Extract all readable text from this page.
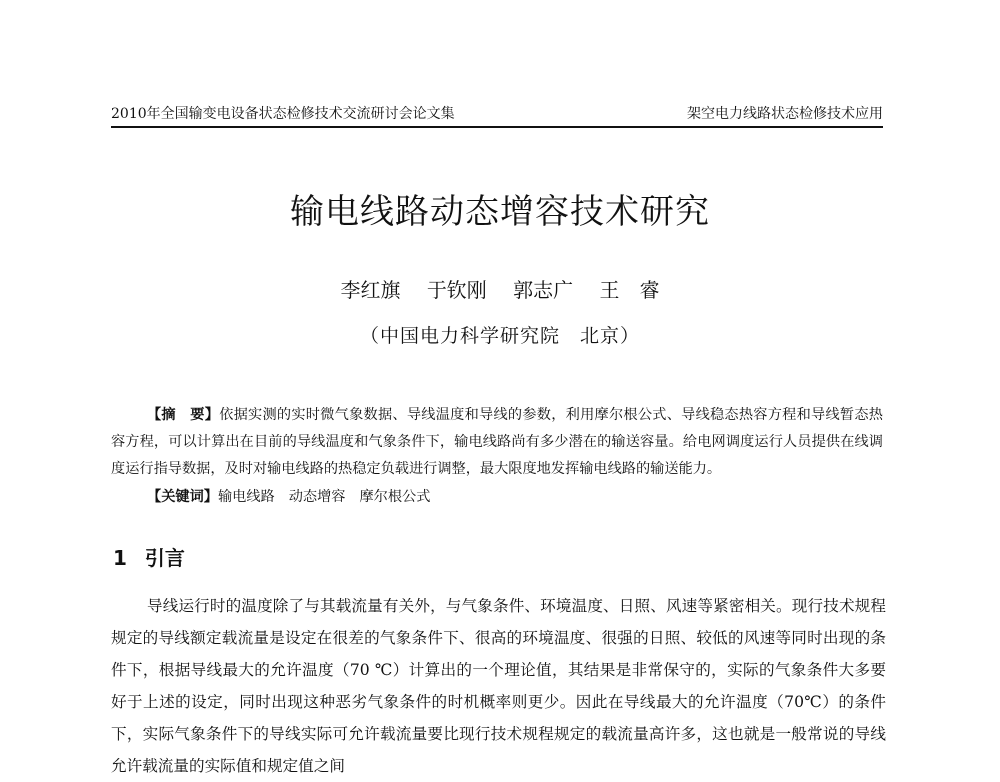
2010年全国输变电设备状态检修技术交流研讨会论文集	架空电力线路状态检修技术应用
输电线路动态增容技术研究
李红旗 于钦刚 郭志广 王　睿
（中国电力科学研究院　北京）
【摘　要】依据实测的实时微气象数据、导线温度和导线的参数，利用摩尔根公式、导线稳态热容方程和导线暂态热容方程，可以计算出在目前的导线温度和气象条件下，输电线路尚有多少潜在的输送容量。给电网调度运行人员提供在线调度运行指导数据，及时对输电线路的热稳定负载进行调整，最大限度地发挥输电线路的输送能力。
【关键词】输电线路 动态增容 摩尔根公式
1 引言
导线运行时的温度除了与其载流量有关外，与气象条件、环境温度、日照、风速等紧密相关。现行技术规程规定的导线额定载流量是设定在很差的气象条件下、很高的环境温度、很强的日照、较低的风速等同时出现的条件下，根据导线最大的允许温度（70 ℃）计算出的一个理论值，其结果是非常保守的，实际的气象条件大多要好于上述的设定，同时出现这种恶劣气象条件的时机概率则更少。因此在导线最大的允许温度（70℃）的条件下，实际气象条件下的导线实际可允许载流量要比现行技术规程规定的载流量高许多，这也就是一般常说的导线允许载流量的实际值和规定值之间
